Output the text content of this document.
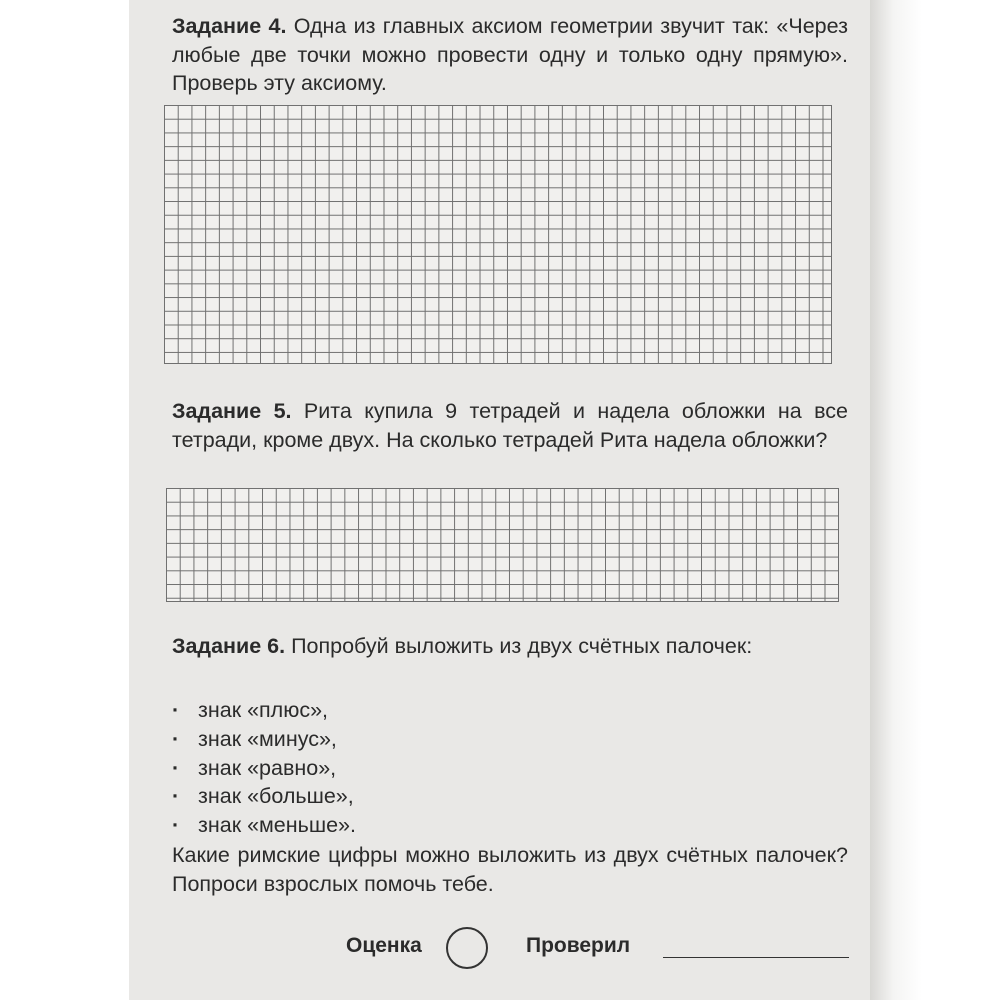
Задание 4. Одна из главных аксиом геометрии звучит так: «Через любые две точки можно провести одну и только одну прямую». Проверь эту аксиому.
Задание 5. Рита купила 9 тетрадей и надела обложки на все тетради, кроме двух. На сколько тетрадей Рита надела обложки?
Задание 6. Попробуй выложить из двух счётных палочек:
· знак «плюс»,
· знак «минус»,
· знак «равно»,
· знак «больше»,
· знак «меньше».
Какие римские цифры можно выложить из двух счётных палочек? Попроси взрослых помочь тебе.
Оценка	Проверил
